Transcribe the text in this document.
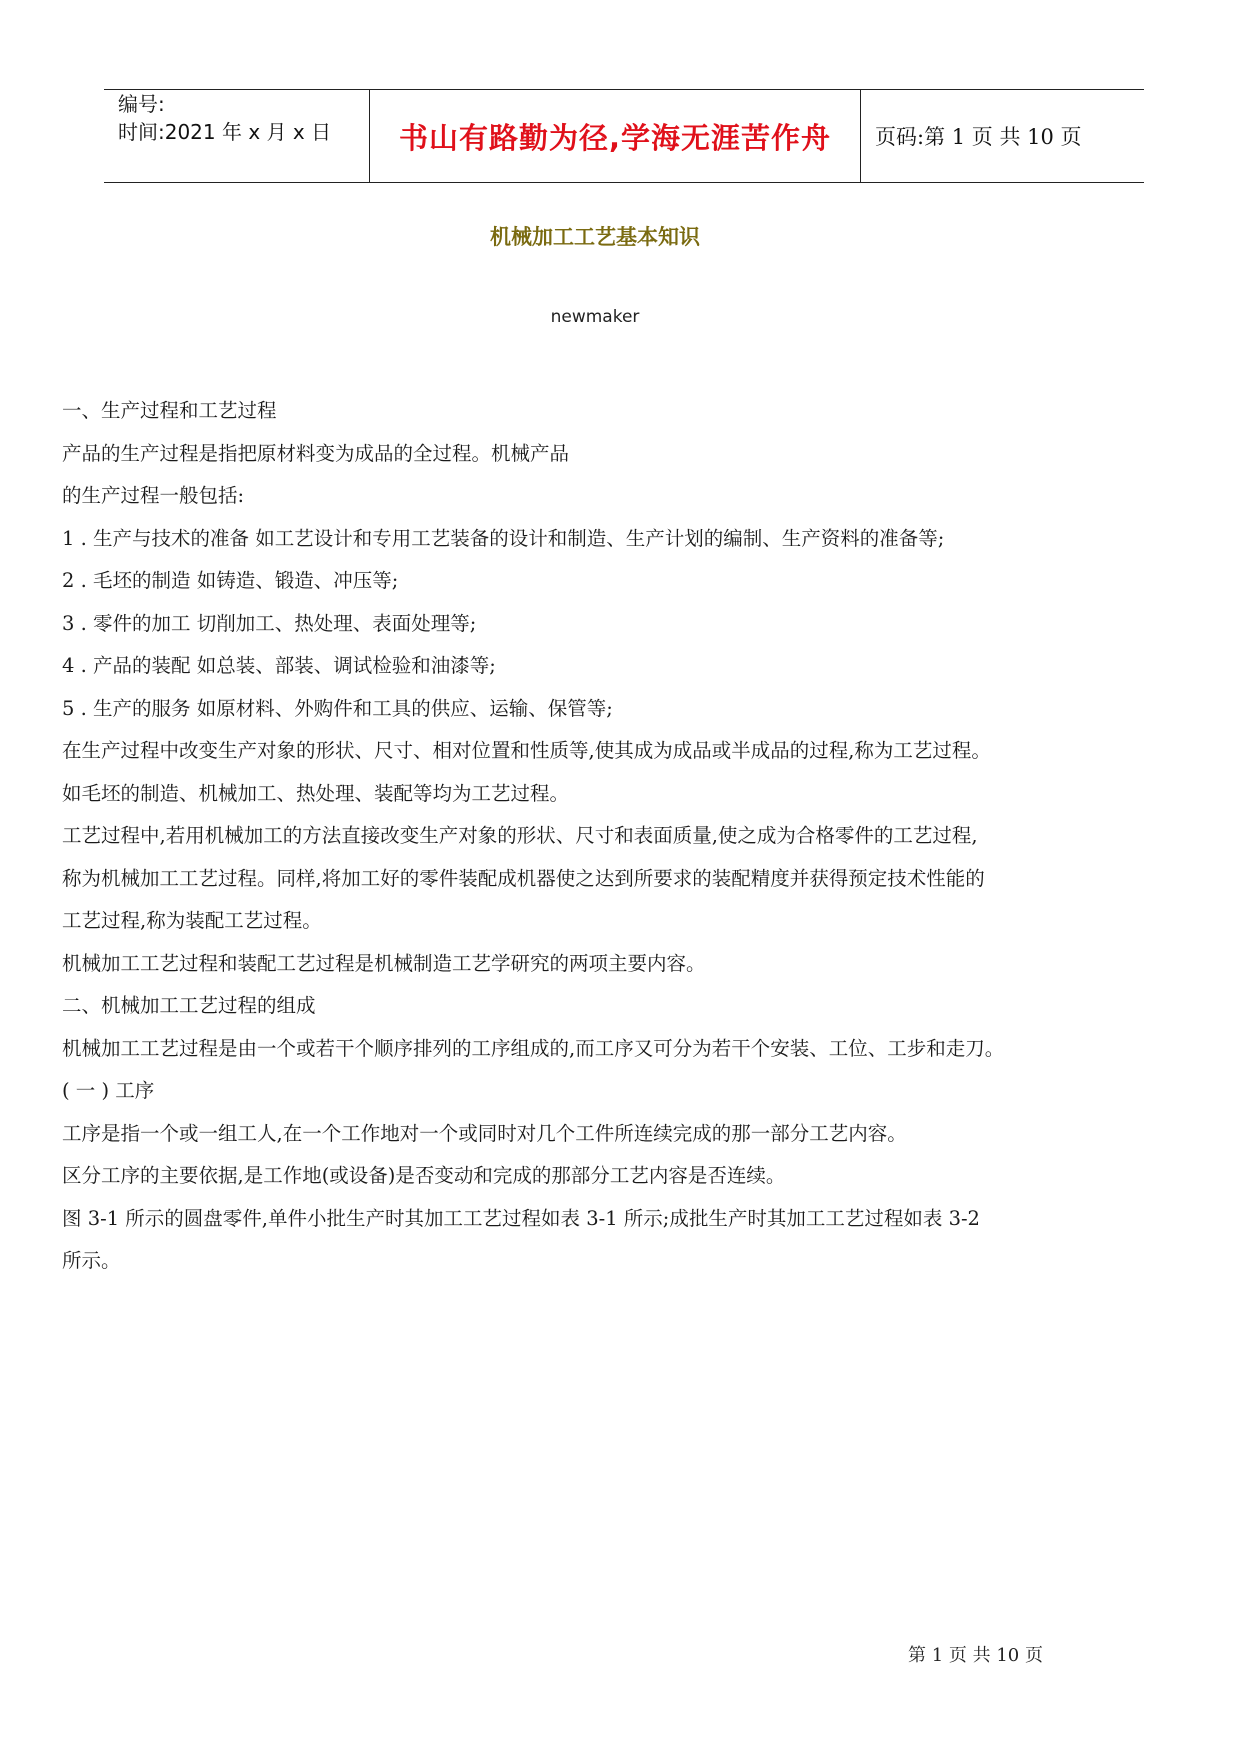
编号:
时间:2021 年 x 月 x 日 书山有路勤为径,学海无涯苦作舟 页码:第 1 页 共 10 页
机械加工工艺基本知识
newmaker
一、生产过程和工艺过程
产品的生产过程是指把原材料变为成品的全过程。机械产品
的生产过程一般包括:
1 . 生产与技术的准备 如工艺设计和专用工艺装备的设计和制造、生产计划的编制、生产资料的准备等;
2 . 毛坯的制造 如铸造、锻造、冲压等;
3 . 零件的加工 切削加工、热处理、表面处理等;
4 . 产品的装配 如总装、部装、调试检验和油漆等;
5 . 生产的服务 如原材料、外购件和工具的供应、运输、保管等;
在生产过程中改变生产对象的形状、尺寸、相对位置和性质等,使其成为成品或半成品的过程,称为工艺过程。
如毛坯的制造、机械加工、热处理、装配等均为工艺过程。
工艺过程中,若用机械加工的方法直接改变生产对象的形状、尺寸和表面质量,使之成为合格零件的工艺过程,
称为机械加工工艺过程。同样,将加工好的零件装配成机器使之达到所要求的装配精度并获得预定技术性能的
工艺过程,称为装配工艺过程。
机械加工工艺过程和装配工艺过程是机械制造工艺学研究的两项主要内容。
二、机械加工工艺过程的组成
机械加工工艺过程是由一个或若干个顺序排列的工序组成的,而工序又可分为若干个安装、工位、工步和走刀。
( 一 ) 工序
工序是指一个或一组工人,在一个工作地对一个或同时对几个工件所连续完成的那一部分工艺内容。
区分工序的主要依据,是工作地(或设备)是否变动和完成的那部分工艺内容是否连续。
图 3-1 所示的圆盘零件,单件小批生产时其加工工艺过程如表 3-1 所示;成批生产时其加工工艺过程如表 3-2
所示。
第 1 页 共 10 页
